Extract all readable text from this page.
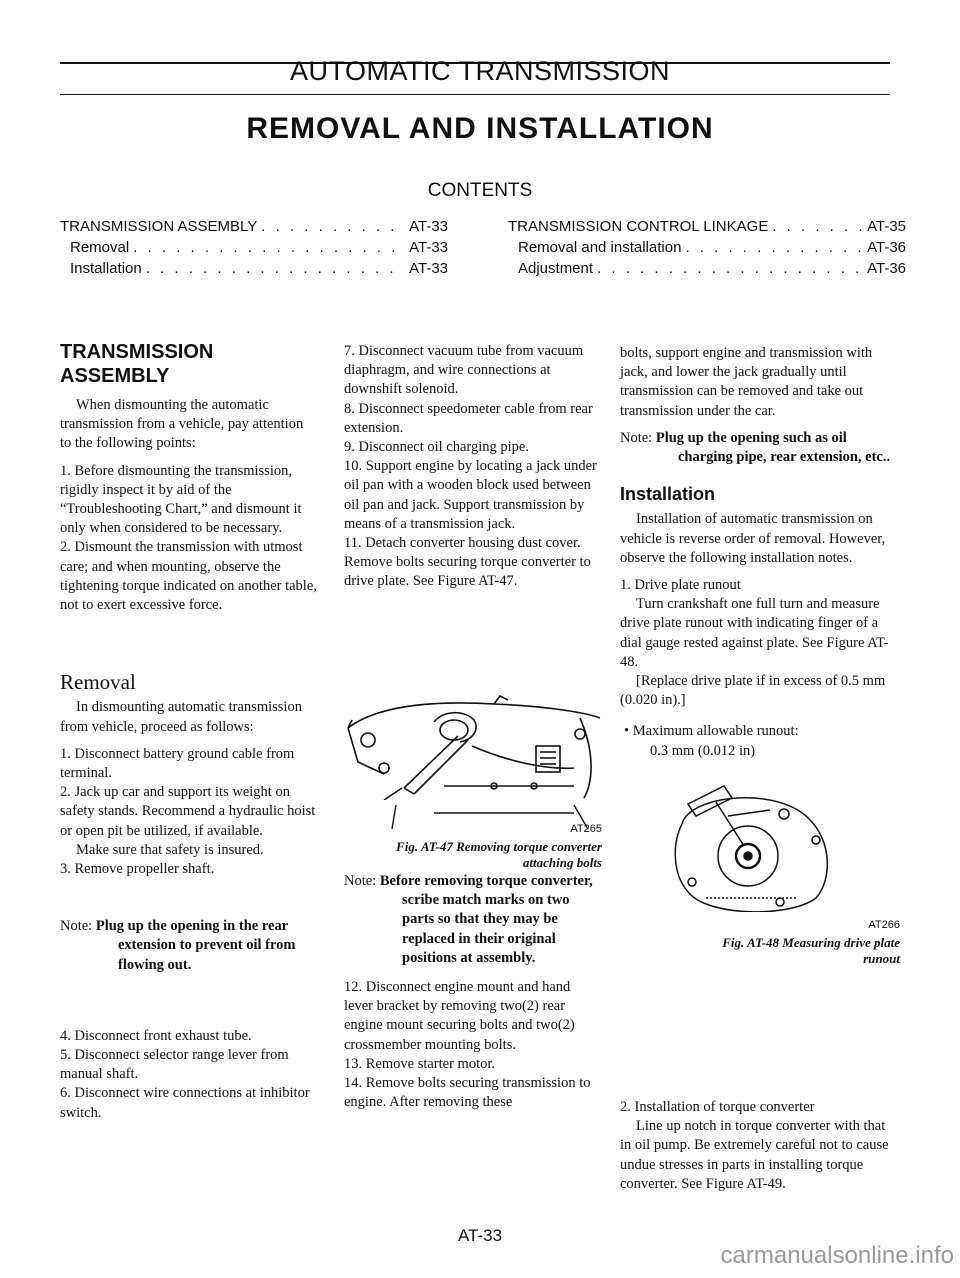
AUTOMATIC TRANSMISSION
REMOVAL AND INSTALLATION
CONTENTS
TRANSMISSION ASSEMBLY . . .	AT-33
Removal . . .	AT-33
Installation . . .	AT-33
TRANSMISSION CONTROL LINKAGE . . .	AT-35
Removal and installation . . .	AT-36
Adjustment . . .	AT-36
TRANSMISSION ASSEMBLY

When dismounting the automatic transmission from a vehicle, pay attention to the following points:

1. Before dismounting the transmission, rigidly inspect it by aid of the “Troubleshooting Chart,” and dismount it only when considered to be necessary.

2. Dismount the transmission with utmost care; and when mounting, observe the tightening torque indicated on another table, not to exert excessive force.

Removal

In dismounting automatic transmission from vehicle, proceed as follows:

1. Disconnect battery ground cable from terminal.

2. Jack up car and support its weight on safety stands. Recommend a hydraulic hoist or open pit be utilized, if available.

Make sure that safety is insured.

3. Remove propeller shaft.

Note: Plug up the opening in the rear extension to prevent oil from flowing out.

4. Disconnect front exhaust tube.

5. Disconnect selector range lever from manual shaft.

6. Disconnect wire connections at inhibitor switch.

7. Disconnect vacuum tube from vacuum diaphragm, and wire connections at downshift solenoid.

8. Disconnect speedometer cable from rear extension.

9. Disconnect oil charging pipe.

10. Support engine by locating a jack under oil pan with a wooden block used between oil pan and jack. Support transmission by means of a transmission jack.

11. Detach converter housing dust cover. Remove bolts securing torque converter to drive plate. See Figure AT-47.

AT265
Fig. AT-47 Removing torque converter
attaching bolts

Note: Before removing torque converter, scribe match marks on two parts so that they may be replaced in their original positions at assembly.

12. Disconnect engine mount and hand lever bracket by removing two(2) rear engine mount securing bolts and two(2) crossmember mounting bolts.

13. Remove starter motor.

14. Remove bolts securing transmission to engine. After removing these

bolts, support engine and transmission with jack, and lower the jack gradually until transmission can be removed and take out transmission under the car.

Note: Plug up the opening such as oil charging pipe, rear extension, etc..

Installation

Installation of automatic transmission on vehicle is reverse order of removal. However, observe the following installation notes.

1. Drive plate runout

Turn crankshaft one full turn and measure drive plate runout with indicating finger of a dial gauge rested against plate. See Figure AT-48.

[Replace drive plate if in excess of 0.5 mm (0.020 in).]

• Maximum allowable runout:

0.3 mm (0.012 in)

AT266
Fig. AT-48 Measuring drive plate
runout

2. Installation of torque converter

Line up notch in torque converter with that in oil pump. Be extremely careful not to cause undue stresses in parts in installing torque converter. See Figure AT-49.

AT-33
carmanualsonline.info
